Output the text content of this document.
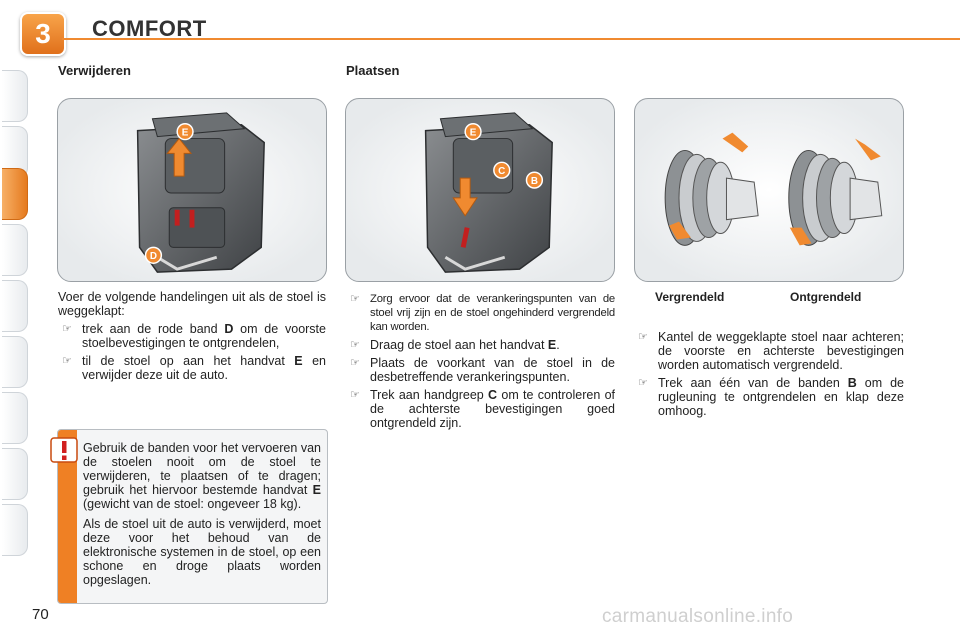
3	COMFORT
Verwijderen	Plaatsen
E
D
E
C
B
Vergrendeld	Ontgrendeld

Voer de volgende handelingen uit als de stoel is weggeklapt:

☞ trek aan de rode band D om de voorste stoelbevestigingen te ontgrendelen,
☞ til de stoel op aan het handvat E en verwijder deze uit de auto.
☞ Zorg ervoor dat de verankeringspunten van de stoel vrij zijn en de stoel ongehinderd vergrendeld kan worden.
☞ Draag de stoel aan het handvat E.
☞ Plaats de voorkant van de stoel in de desbetreffende verankeringspunten.
☞ Trek aan handgreep C om te controleren of de achterste bevestigingen goed ontgrendeld zijn.
☞ Kantel de weggeklapte stoel naar achteren; de voorste en achterste bevestigingen worden automatisch vergrendeld.
☞ Trek aan één van de banden B om de rugleuning te ontgrendelen en klap deze omhoog.

Gebruik de banden voor het vervoeren van de stoelen nooit om de stoel te verwijderen, te plaatsen of te dragen; gebruik het hiervoor bestemde handvat E (gewicht van de stoel: ongeveer 18 kg).

Als de stoel uit de auto is verwijderd, moet deze voor het behoud van de elektronische systemen in de stoel, op een schone en droge plaats worden opgeslagen.

70	carmanualsonline.info
